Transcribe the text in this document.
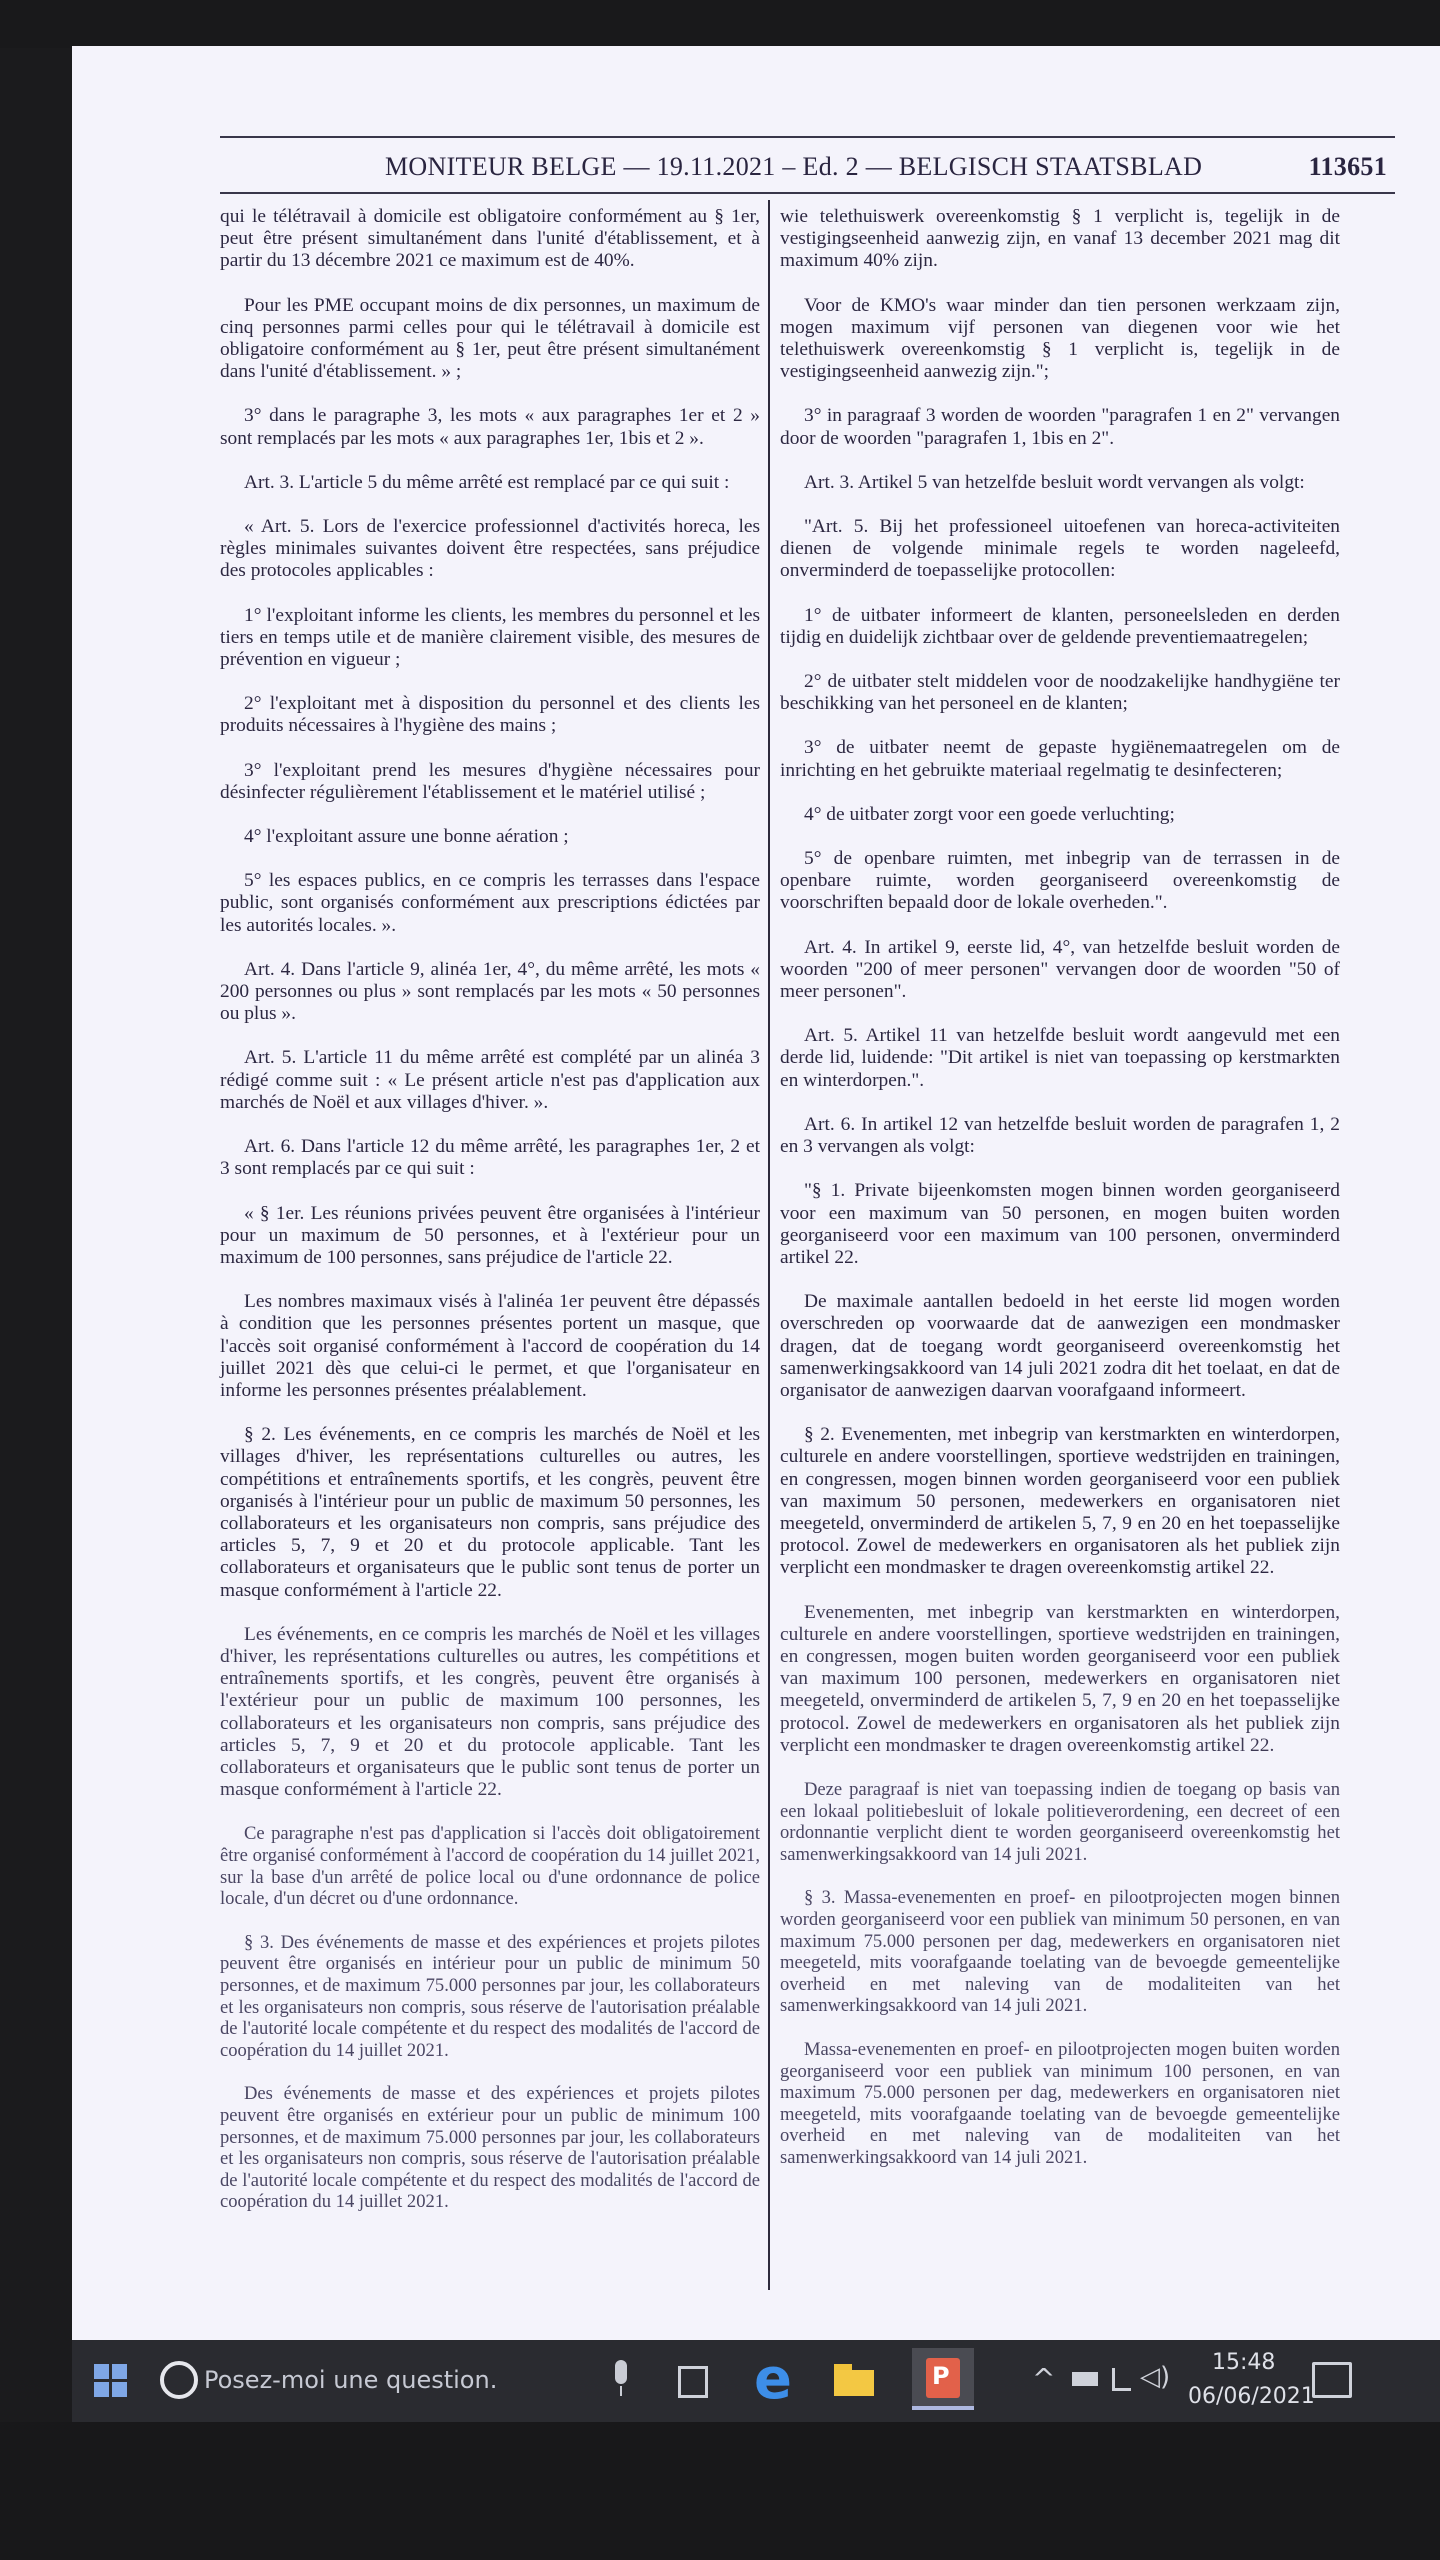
MONITEUR BELGE — 19.11.2021 – Ed. 2 — BELGISCH STAATSBLAD	113651

qui le télétravail à domicile est obligatoire conformément au § 1er, peut être présent simultanément dans l'unité d'établissement, et à partir du 13 décembre 2021 ce maximum est de 40%.

Pour les PME occupant moins de dix personnes, un maximum de cinq personnes parmi celles pour qui le télétravail à domicile est obligatoire conformément au § 1er, peut être présent simultanément dans l'unité d'établissement. » ;

3° dans le paragraphe 3, les mots « aux paragraphes 1er et 2 » sont remplacés par les mots « aux paragraphes 1er, 1bis et 2 ».

Art. 3. L'article 5 du même arrêté est remplacé par ce qui suit :

« Art. 5. Lors de l'exercice professionnel d'activités horeca, les règles minimales suivantes doivent être respectées, sans préjudice des protocoles applicables :

1° l'exploitant informe les clients, les membres du personnel et les tiers en temps utile et de manière clairement visible, des mesures de prévention en vigueur ;

2° l'exploitant met à disposition du personnel et des clients les produits nécessaires à l'hygiène des mains ;

3° l'exploitant prend les mesures d'hygiène nécessaires pour désinfecter régulièrement l'établissement et le matériel utilisé ;

4° l'exploitant assure une bonne aération ;

5° les espaces publics, en ce compris les terrasses dans l'espace public, sont organisés conformément aux prescriptions édictées par les autorités locales. ».

Art. 4. Dans l'article 9, alinéa 1er, 4°, du même arrêté, les mots « 200 personnes ou plus » sont remplacés par les mots « 50 personnes ou plus ».

Art. 5. L'article 11 du même arrêté est complété par un alinéa 3 rédigé comme suit : « Le présent article n'est pas d'application aux marchés de Noël et aux villages d'hiver. ».

Art. 6. Dans l'article 12 du même arrêté, les paragraphes 1er, 2 et 3 sont remplacés par ce qui suit :

« § 1er. Les réunions privées peuvent être organisées à l'intérieur pour un maximum de 50 personnes, et à l'extérieur pour un maximum de 100 personnes, sans préjudice de l'article 22.

Les nombres maximaux visés à l'alinéa 1er peuvent être dépassés à condition que les personnes présentes portent un masque, que l'accès soit organisé conformément à l'accord de coopération du 14 juillet 2021 dès que celui-ci le permet, et que l'organisateur en informe les personnes présentes préalablement.

§ 2. Les événements, en ce compris les marchés de Noël et les villages d'hiver, les représentations culturelles ou autres, les compétitions et entraînements sportifs, et les congrès, peuvent être organisés à l'intérieur pour un public de maximum 50 personnes, les collaborateurs et les organisateurs non compris, sans préjudice des articles 5, 7, 9 et 20 et du protocole applicable. Tant les collaborateurs et organisateurs que le public sont tenus de porter un masque conformément à l'article 22.

Les événements, en ce compris les marchés de Noël et les villages d'hiver, les représentations culturelles ou autres, les compétitions et entraînements sportifs, et les congrès, peuvent être organisés à l'extérieur pour un public de maximum 100 personnes, les collaborateurs et les organisateurs non compris, sans préjudice des articles 5, 7, 9 et 20 et du protocole applicable. Tant les collaborateurs et organisateurs que le public sont tenus de porter un masque conformément à l'article 22.

Ce paragraphe n'est pas d'application si l'accès doit obligatoirement être organisé conformément à l'accord de coopération du 14 juillet 2021, sur la base d'un arrêté de police local ou d'une ordonnance de police locale, d'un décret ou d'une ordonnance.

§ 3. Des événements de masse et des expériences et projets pilotes peuvent être organisés en intérieur pour un public de minimum 50 personnes, et de maximum 75.000 personnes par jour, les collaborateurs et les organisateurs non compris, sous réserve de l'autorisation préalable de l'autorité locale compétente et du respect des modalités de l'accord de coopération du 14 juillet 2021.

Des événements de masse et des expériences et projets pilotes peuvent être organisés en extérieur pour un public de minimum 100 personnes, et de maximum 75.000 personnes par jour, les collaborateurs et les organisateurs non compris, sous réserve de l'autorisation préalable de l'autorité locale compétente et du respect des modalités de l'accord de coopération du 14 juillet 2021.

wie telethuiswerk overeenkomstig § 1 verplicht is, tegelijk in de vestigingseenheid aanwezig zijn, en vanaf 13 december 2021 mag dit maximum 40% zijn.

Voor de KMO's waar minder dan tien personen werkzaam zijn, mogen maximum vijf personen van diegenen voor wie het telethuiswerk overeenkomstig § 1 verplicht is, tegelijk in de vestigingseenheid aanwezig zijn.";

3° in paragraaf 3 worden de woorden "paragrafen 1 en 2" vervangen door de woorden "paragrafen 1, 1bis en 2".

Art. 3. Artikel 5 van hetzelfde besluit wordt vervangen als volgt:

"Art. 5. Bij het professioneel uitoefenen van horeca-activiteiten dienen de volgende minimale regels te worden nageleefd, onverminderd de toepasselijke protocollen:

1° de uitbater informeert de klanten, personeelsleden en derden tijdig en duidelijk zichtbaar over de geldende preventiemaatregelen;

2° de uitbater stelt middelen voor de noodzakelijke handhygiëne ter beschikking van het personeel en de klanten;

3° de uitbater neemt de gepaste hygiënemaatregelen om de inrichting en het gebruikte materiaal regelmatig te desinfecteren;

4° de uitbater zorgt voor een goede verluchting;

5° de openbare ruimten, met inbegrip van de terrassen in de openbare ruimte, worden georganiseerd overeenkomstig de voorschriften bepaald door de lokale overheden.".

Art. 4. In artikel 9, eerste lid, 4°, van hetzelfde besluit worden de woorden "200 of meer personen" vervangen door de woorden "50 of meer personen".

Art. 5. Artikel 11 van hetzelfde besluit wordt aangevuld met een derde lid, luidende: "Dit artikel is niet van toepassing op kerstmarkten en winterdorpen.".

Art. 6. In artikel 12 van hetzelfde besluit worden de paragrafen 1, 2 en 3 vervangen als volgt:

"§ 1. Private bijeenkomsten mogen binnen worden georganiseerd voor een maximum van 50 personen, en mogen buiten worden georganiseerd voor een maximum van 100 personen, onverminderd artikel 22.

De maximale aantallen bedoeld in het eerste lid mogen worden overschreden op voorwaarde dat de aanwezigen een mondmasker dragen, dat de toegang wordt georganiseerd overeenkomstig het samenwerkingsakkoord van 14 juli 2021 zodra dit het toelaat, en dat de organisator de aanwezigen daarvan voorafgaand informeert.

§ 2. Evenementen, met inbegrip van kerstmarkten en winterdorpen, culturele en andere voorstellingen, sportieve wedstrijden en trainingen, en congressen, mogen binnen worden georganiseerd voor een publiek van maximum 50 personen, medewerkers en organisatoren niet meegeteld, onverminderd de artikelen 5, 7, 9 en 20 en het toepasselijke protocol. Zowel de medewerkers en organisatoren als het publiek zijn verplicht een mondmasker te dragen overeenkomstig artikel 22.

Evenementen, met inbegrip van kerstmarkten en winterdorpen, culturele en andere voorstellingen, sportieve wedstrijden en trainingen, en congressen, mogen buiten worden georganiseerd voor een publiek van maximum 100 personen, medewerkers en organisatoren niet meegeteld, onverminderd de artikelen 5, 7, 9 en 20 en het toepasselijke protocol. Zowel de medewerkers en organisatoren als het publiek zijn verplicht een mondmasker te dragen overeenkomstig artikel 22.

Deze paragraaf is niet van toepassing indien de toegang op basis van een lokaal politiebesluit of lokale politieverordening, een decreet of een ordonnantie verplicht dient te worden georganiseerd overeenkomstig het samenwerkingsakkoord van 14 juli 2021.

§ 3. Massa-evenementen en proef- en pilootprojecten mogen binnen worden georganiseerd voor een publiek van minimum 50 personen, en van maximum 75.000 personen per dag, medewerkers en organisatoren niet meegeteld, mits voorafgaande toelating van de bevoegde gemeentelijke overheid en met naleving van de modaliteiten van het samenwerkingsakkoord van 14 juli 2021.

Massa-evenementen en proef- en pilootprojecten mogen buiten worden georganiseerd voor een publiek van minimum 100 personen, en van maximum 75.000 personen per dag, medewerkers en organisatoren niet meegeteld, mits voorafgaande toelating van de bevoegde gemeentelijke overheid en met naleving van de modaliteiten van het samenwerkingsakkoord van 14 juli 2021.

Posez-moi une question.	e	P	^	◁) 15:48
06/06/2021
